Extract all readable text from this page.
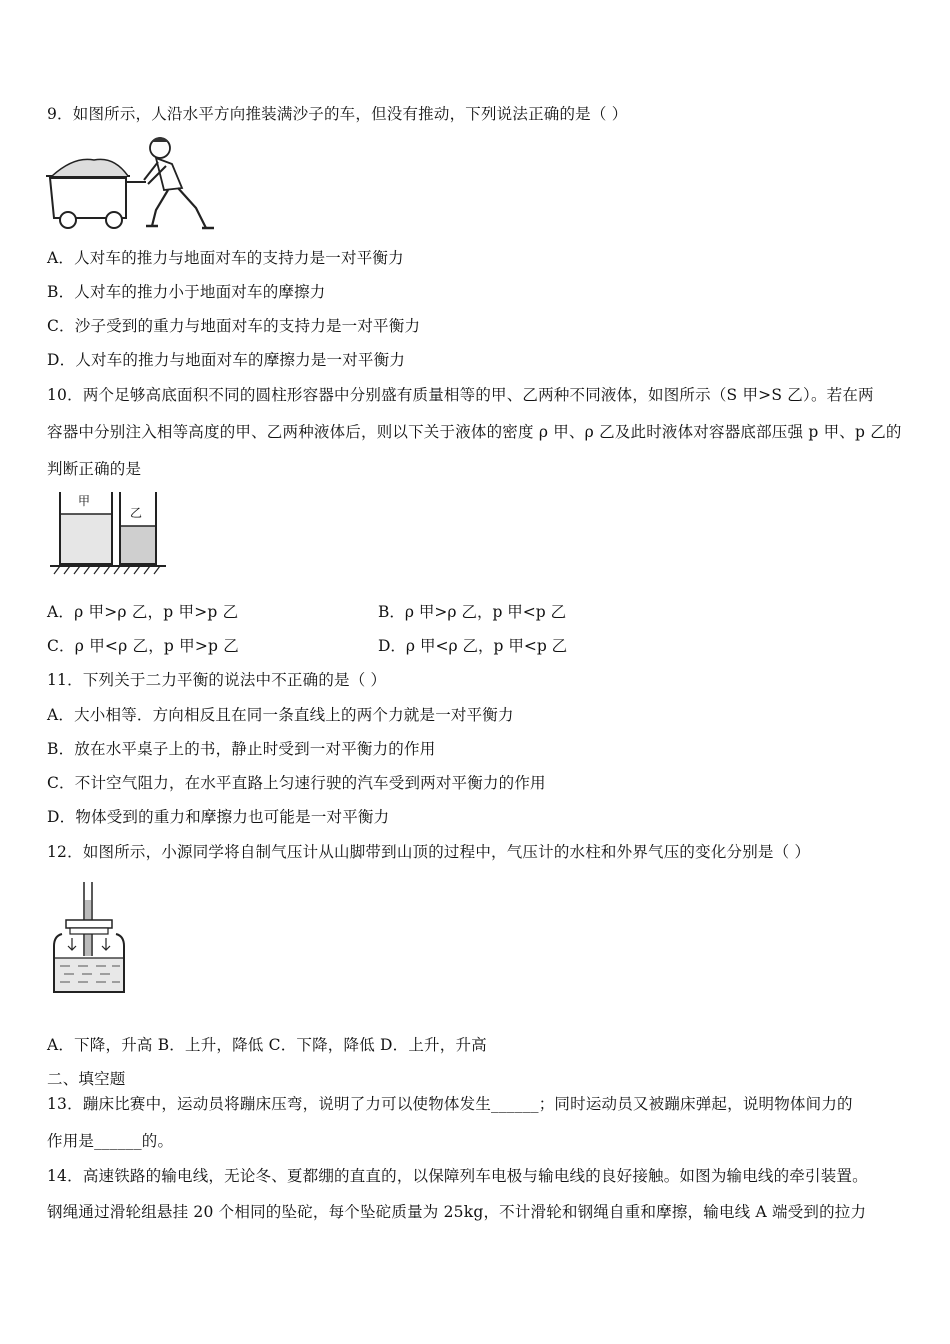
9．如图所示，人沿水平方向推装满沙子的车，但没有推动，下列说法正确的是（ ）
A．人对车的推力与地面对车的支持力是一对平衡力
B．人对车的推力小于地面对车的摩擦力
C．沙子受到的重力与地面对车的支持力是一对平衡力
D．人对车的推力与地面对车的摩擦力是一对平衡力
10．两个足够高底面积不同的圆柱形容器中分别盛有质量相等的甲、乙两种不同液体，如图所示（S 甲>S 乙）。若在两
容器中分别注入相等高度的甲、乙两种液体后，则以下关于液体的密度 ρ 甲、ρ 乙及此时液体对容器底部压强 p 甲、p 乙的
判断正确的是
甲
乙
A．ρ 甲>ρ 乙，p 甲>p 乙	B．ρ 甲>ρ 乙，p 甲<p 乙
C．ρ 甲<ρ 乙，p 甲>p 乙	D．ρ 甲<ρ 乙，p 甲<p 乙
11．下列关于二力平衡的说法中不正确的是（ ）
A．大小相等．方向相反且在同一条直线上的两个力就是一对平衡力
B．放在水平桌子上的书，静止时受到一对平衡力的作用
C．不计空气阻力，在水平直路上匀速行驶的汽车受到两对平衡力的作用
D．物体受到的重力和摩擦力也可能是一对平衡力
12．如图所示，小源同学将自制气压计从山脚带到山顶的过程中，气压计的水柱和外界气压的变化分别是（ ）
A．下降，升高 B．上升，降低 C．下降，降低 D．上升，升高
二、填空题
13．蹦床比赛中，运动员将蹦床压弯，说明了力可以使物体发生______；同时运动员又被蹦床弹起，说明物体间力的
作用是______的。
14．高速铁路的输电线，无论冬、夏都绷的直直的，以保障列车电极与输电线的良好接触。如图为输电线的牵引装置。
钢绳通过滑轮组悬挂 20 个相同的坠砣，每个坠砣质量为 25kg，不计滑轮和钢绳自重和摩擦，输电线 A 端受到的拉力
